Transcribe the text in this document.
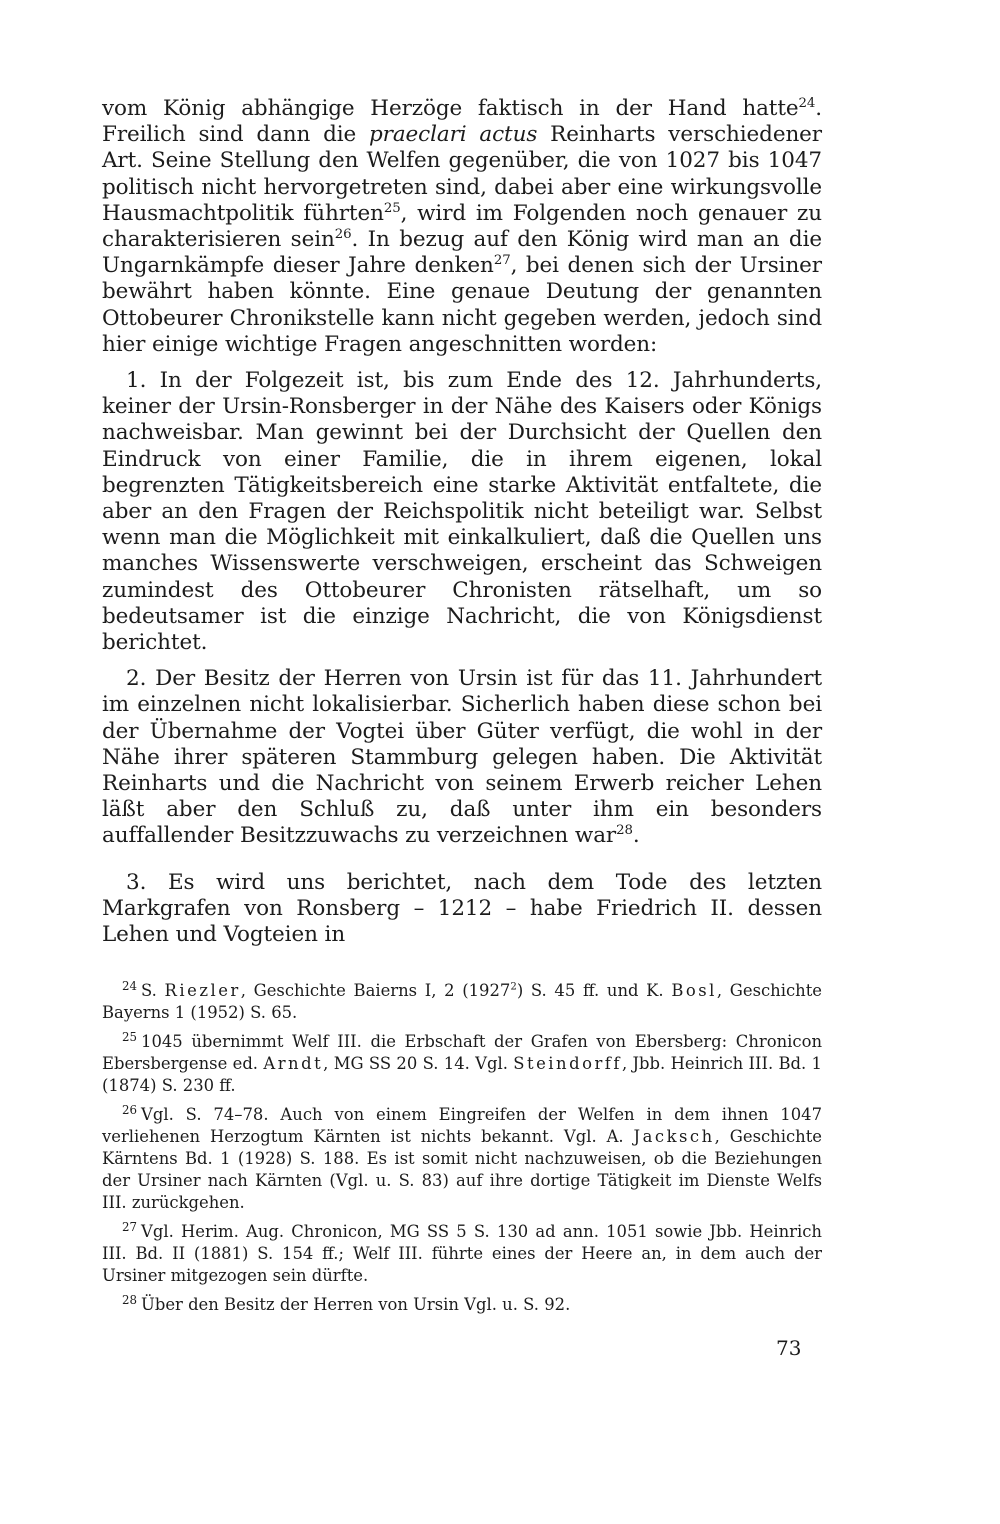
vom König abhängige Herzöge faktisch in der Hand hatte$^{24}$. Freilich sind dann die praeclari actus Reinharts verschiedener Art. Seine Stellung den Welfen gegenüber, die von 1027 bis 1047 politisch nicht hervorgetreten sind, dabei aber eine wirkungsvolle Hausmachtpolitik führten$^{25}$, wird im Folgenden noch genauer zu charakterisieren sein$^{26}$. In bezug auf den König wird man an die Ungarnkämpfe dieser Jahre denken$^{27}$, bei denen sich der Ursiner bewährt haben könnte. Eine genaue Deutung der genannten Ottobeurer Chronikstelle kann nicht gegeben werden, jedoch sind hier einige wichtige Fragen angeschnitten worden:

1. In der Folgezeit ist, bis zum Ende des 12. Jahrhunderts, keiner der Ursin-Ronsberger in der Nähe des Kaisers oder Königs nachweisbar. Man gewinnt bei der Durchsicht der Quellen den Eindruck von einer Familie, die in ihrem eigenen, lokal begrenzten Tätigkeitsbereich eine starke Aktivität entfaltete, die aber an den Fragen der Reichspolitik nicht beteiligt war. Selbst wenn man die Möglichkeit mit einkalkuliert, daß die Quellen uns manches Wissenswerte verschweigen, erscheint das Schweigen zumindest des Ottobeurer Chronisten rätselhaft, um so bedeutsamer ist die einzige Nachricht, die von Königsdienst berichtet.

2. Der Besitz der Herren von Ursin ist für das 11. Jahrhundert im einzelnen nicht lokalisierbar. Sicherlich haben diese schon bei der Übernahme der Vogtei über Güter verfügt, die wohl in der Nähe ihrer späteren Stammburg gelegen haben. Die Aktivität Reinharts und die Nachricht von seinem Erwerb reicher Lehen läßt aber den Schluß zu, daß unter ihm ein besonders auffallender Besitzzuwachs zu verzeichnen war$^{28}$.

3. Es wird uns berichtet, nach dem Tode des letzten Markgrafen von Ronsberg – 1212 – habe Friedrich II. dessen Lehen und Vogteien in

$^{24}$ S. Riezler, Geschichte Baierns I, 2 (1927$^2$) S. 45 ff. und K. Bosl, Geschichte Bayerns 1 (1952) S. 65.

$^{25}$ 1045 übernimmt Welf III. die Erbschaft der Grafen von Ebersberg: Chronicon Ebersbergense ed. Arndt, MG SS 20 S. 14. Vgl. Steindorff, Jbb. Heinrich III. Bd. 1 (1874) S. 230 ff.

$^{26}$ Vgl. S. 74–78. Auch von einem Eingreifen der Welfen in dem ihnen 1047 verliehenen Herzogtum Kärnten ist nichts bekannt. Vgl. A. Jacksch, Geschichte Kärntens Bd. 1 (1928) S. 188. Es ist somit nicht nachzuweisen, ob die Beziehungen der Ursiner nach Kärnten (Vgl. u. S. 83) auf ihre dortige Tätigkeit im Dienste Welfs III. zurückgehen.

$^{27}$ Vgl. Herim. Aug. Chronicon, MG SS 5 S. 130 ad ann. 1051 sowie Jbb. Heinrich III. Bd. II (1881) S. 154 ff.; Welf III. führte eines der Heere an, in dem auch der Ursiner mitgezogen sein dürfte.

$^{28}$ Über den Besitz der Herren von Ursin Vgl. u. S. 92.

73
